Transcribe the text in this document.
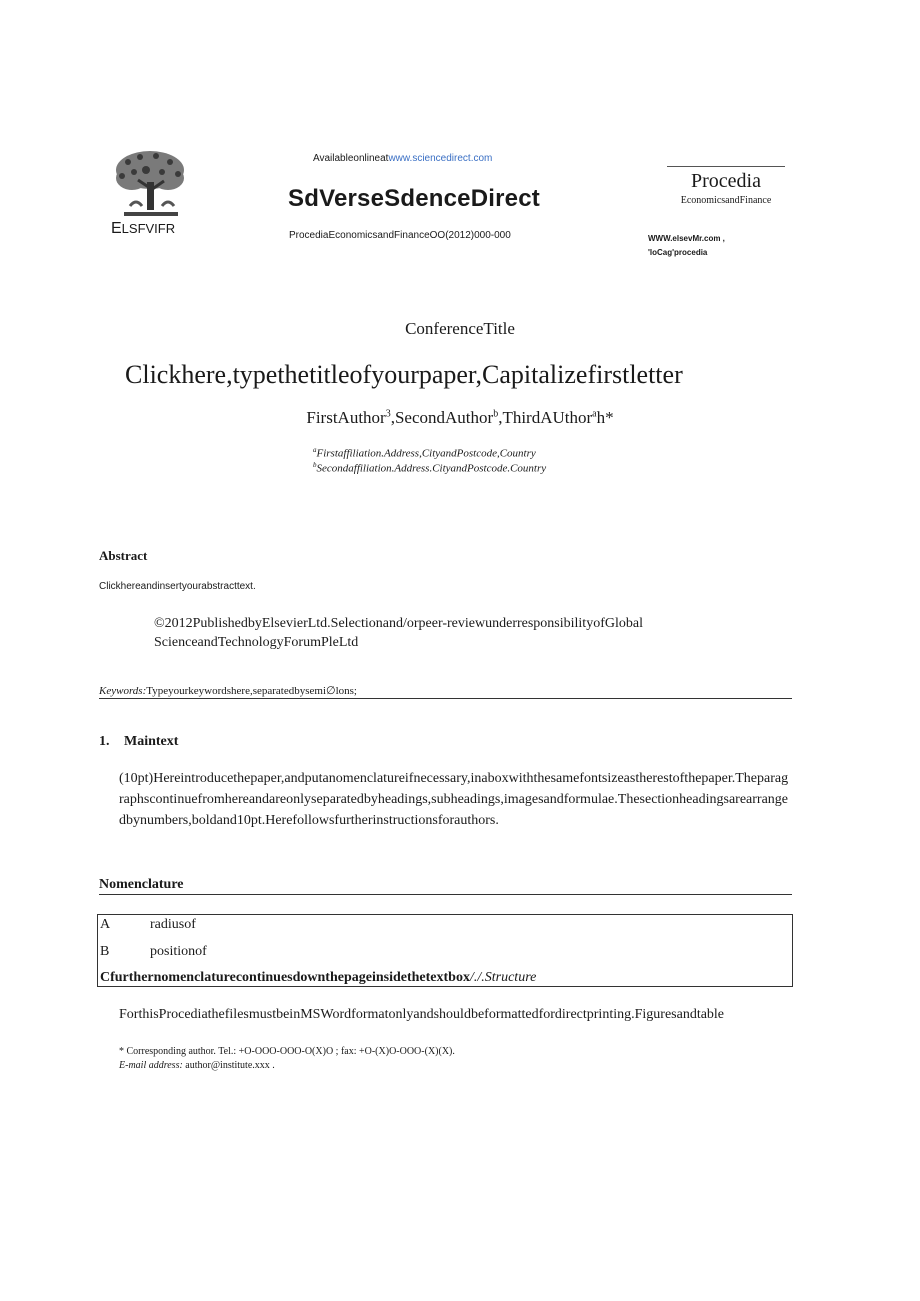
ELSFVIFR
Availableonlineatwww.sciencedirect.com
SdVerseSdenceDirect
ProcediaEconomicsandFinanceOO(2012)000-000
Procedia
EconomicsandFinance
WWW.elsevMr.com ,
'loCag'procedia
ConferenceTitle
Clickhere,typethetitleofyourpaper,Capitalizefirstletter
FirstAuthor$^3$,SecondAuthor$^b$,ThirdAUthor$^a$h*
$^a$Firstaffiliation.Address,CityandPostcode,Country
$^b$Secondaffiliation.Address.CityandPostcode.Country
Abstract
Clickhereandinsertyourabstracttext.
©2012PublishedbyElsevierLtd.Selectionand/orpeer-reviewunderresponsibilityofGlobal
ScienceandTechnologyForumPleLtd
Keywords:Typeyourkeywordshere,separatedbysemi∅lons;
1. Maintext
(10pt)Hereintroducethepaper,andputanomenclatureifnecessary,inaboxwiththesamefontsizeastherestofthepaper.Theparagraphscontinuefromhereandareonlyseparatedbyheadings,subheadings,imagesandformulae.Thesectionheadingsarearrangedbynumbers,boldand10pt.Herefollowsfurtherinstructionsforauthors.
Nomenclature
A	radiusof
B	positionof
Cfurthernomenclaturecontinuesdownthepageinsidethetextbox/./.Structure
ForthisProcediathefilesmustbeinMSWordformatonlyandshouldbeformattedfordirectprinting.Figuresandtable
* Corresponding author. Tel.: +O-OOO-OOO-O(X)O ; fax: +O-(X)O-OOO-(X)(X).
E-mail address: author@institute.xxx .
